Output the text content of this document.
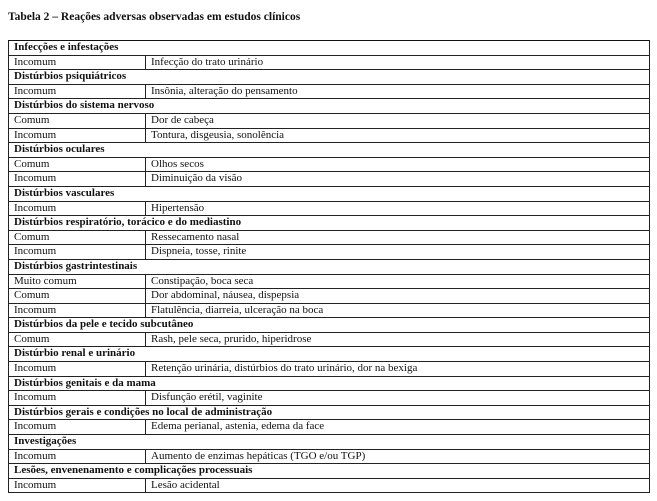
Tabela 2 – Reações adversas observadas em estudos clínicos
Infecções e infestações	
Incomum	Infecção do trato urinário
Distúrbios psiquiátricos	
Incomum	Insônia, alteração do pensamento
Distúrbios do sistema nervoso	
Comum	Dor de cabeça
Incomum	Tontura, disgeusia, sonolência
Distúrbios oculares	
Comum	Olhos secos
Incomum	Diminuição da visão
Distúrbios vasculares	
Incomum	Hipertensão
Distúrbios respiratório, torácico e do mediastino	
Comum	Ressecamento nasal
Incomum	Dispneia, tosse, rinite
Distúrbios gastrintestinais	
Muito comum	Constipação, boca seca
Comum	Dor abdominal, náusea, dispepsia
Incomum	Flatulência, diarreia, ulceração na boca
Distúrbios da pele e tecido subcutâneo	
Comum	Rash, pele seca, prurido, hiperidrose
Distúrbio renal e urinário	
Incomum	Retenção urinária, distúrbios do trato urinário, dor na bexiga
Distúrbios genitais e da mama	
Incomum	Disfunção erétil, vaginite
Distúrbios gerais e condições no local de administração	
Incomum	Edema perianal, astenia, edema da face
Investigações	
Incomum	Aumento de enzimas hepáticas (TGO e/ou TGP)
Lesões, envenenamento e complicações processuais	
Incomum	Lesão acidental
